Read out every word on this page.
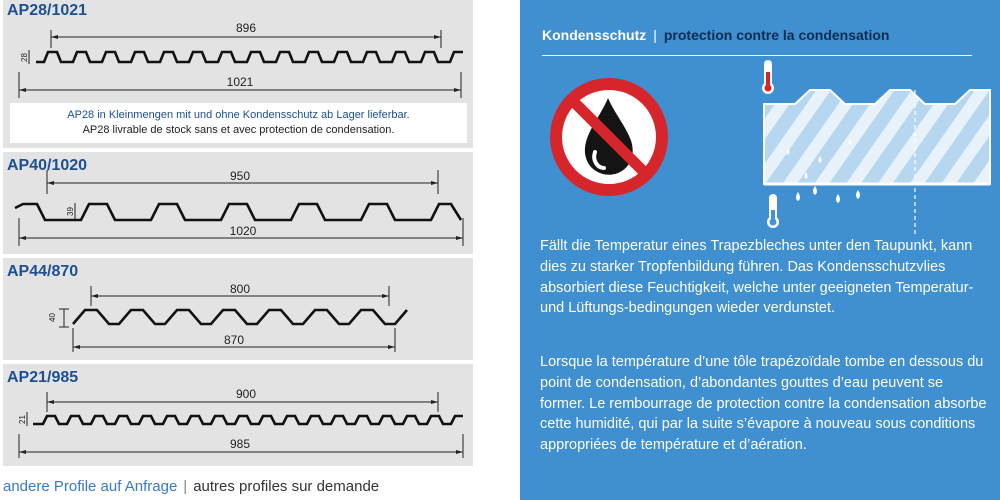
AP28/1021
896
1021
28
AP28 in Kleinmengen mit und ohne Kondensschutz ab Lager lieferbar.
AP28 livrable de stock sans et avec protection de condensation.
AP40/1020
950
1020
39
AP44/870
800
870
40
AP21/985
900
985
21
andere Profile auf Anfrage | autres profiles sur demande
Kondensschutz | protection contre la condensation
Fällt die Temperatur eines Trapezbleches unter den Taupunkt, kann dies zu starker Tropfenbildung führen. Das Kondensschutzvlies absorbiert diese Feuchtigkeit, welche unter geeigneten Temperatur- und Lüftungs-bedingungen wieder verdunstet.
Lorsque la température d’une tôle trapézoïdale tombe en dessous du point de condensation, d’abondantes gouttes d’eau peuvent se former. Le rembourrage de protection contre la condensation absorbe cette humidité, qui par la suite s’évapore à nouveau sous conditions appropriées de température et d’aération.
